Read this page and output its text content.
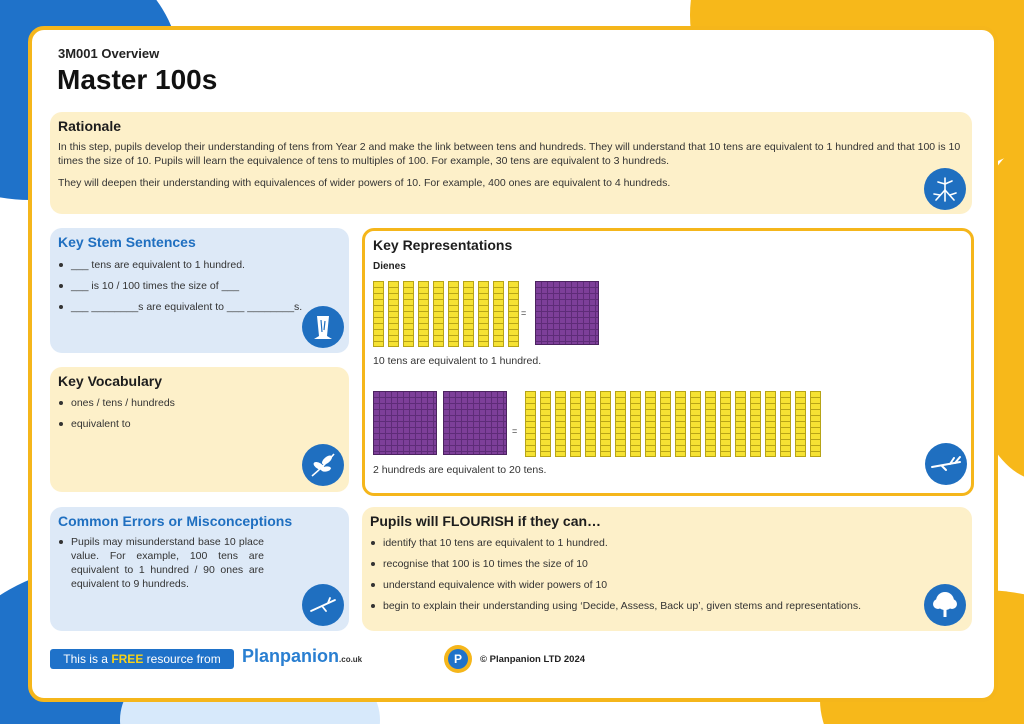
3M001 Overview
Master 100s
Rationale
In this step, pupils develop their understanding of tens from Year 2 and make the link between tens and hundreds. They will understand that 10 tens are equivalent to 1 hundred and that 100 is 10 times the size of 10. Pupils will learn the equivalence of tens to multiples of 100. For example, 30 tens are equivalent to 3 hundreds.
They will deepen their understanding with equivalences of wider powers of 10. For example, 400 ones are equivalent to 4 hundreds.
Key Stem Sentences
___ tens are equivalent to 1 hundred.
___ is 10 / 100 times the size of ___
___ ________s are equivalent to ___ ________s.
Key Vocabulary
ones / tens / hundreds
equivalent to
Common Errors or Misconceptions
Pupils may misunderstand base 10 place value. For example, 100 tens are equivalent to 1 hundred / 90 ones are equivalent to 9 hundreds.
Key Representations
Dienes
=
10 tens are equivalent to 1 hundred.
=
2 hundreds are equivalent to 20 tens.
Pupils will FLOURISH if they can…
identify that 10 tens are equivalent to 1 hundred.
recognise that 100 is 10 times the size of 10
understand equivalence with wider powers of 10
begin to explain their understanding using ‘Decide, Assess, Back up’, given stems and representations.
This is a FREE resource from	Planpanion.co.uk	P	© Planpanion LTD 2024
